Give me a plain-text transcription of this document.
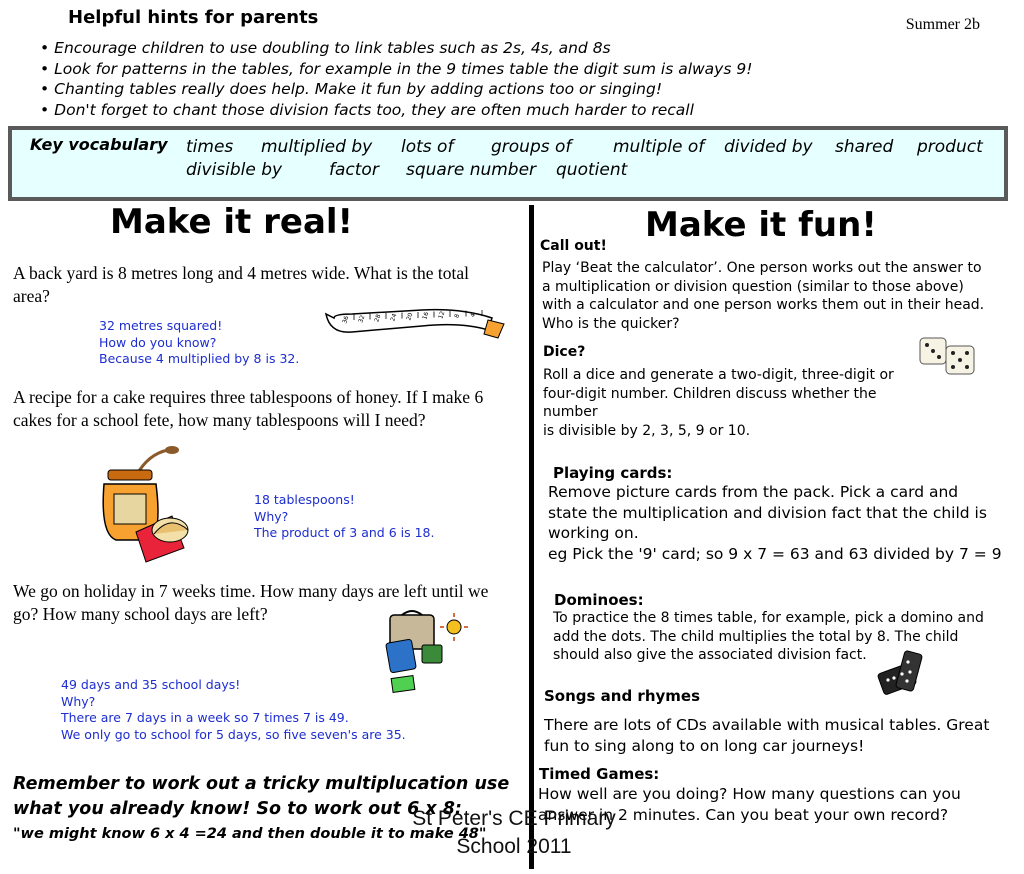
Helpful hints for parents	Summer 2b
• Encourage children to use doubling to link tables such as 2s, 4s, and 8s
• Look for patterns in the tables, for example in the 9 times table the digit sum is always 9!
• Chanting tables really does help. Make it fun by adding actions too or singing!
• Don't forget to chant those division facts too, they are often much harder to recall
Key vocabulary times multiplied by lots of groups of multiple of divided by shared product
divisible by	factor square number quotient
Make it real!
A back yard is 8 metres long and 4 metres wide. What is the total area?
32 metres squared!
How do you know?
Because 4 multiplied by 8 is 32.
36 32 28 24 20 16 12 8 4
A recipe for a cake requires three tablespoons of honey. If I make 6 cakes for a school fete, how many tablespoons will I need?
18 tablespoons!
Why?
The product of 3 and 6 is 18.
We go on holiday in 7 weeks time. How many days are left until we go? How many school days are left?
49 days and 35 school days!
Why?
There are 7 days in a week so 7 times 7 is 49.
We only go to school for 5 days, so five seven's are 35.
Remember to work out a tricky multiplucation use
what you already know! So to work out 6 x 8:
"we might know 6 x 4 =24 and then double it to make 48"
Make it fun!
Call out!
Play ‘Beat the calculator’. One person works out the answer to
a multiplication or division question (similar to those above)
with a calculator and one person works them out in their head.
Who is the quicker?
Dice?
Roll a dice and generate a two-digit, three-digit or
four-digit number. Children discuss whether the
number
is divisible by 2, 3, 5, 9 or 10.
Playing cards:
Remove picture cards from the pack. Pick a card and
state the multiplication and division fact that the child is
working on.
eg Pick the '9' card; so 9 x 7 = 63 and 63 divided by 7 = 9
Dominoes:
To practice the 8 times table, for example, pick a domino and
add the dots. The child multiplies the total by 8. The child
should also give the associated division fact.
Songs and rhymes
There are lots of CDs available with musical tables. Great
fun to sing along to on long car journeys!
Timed Games:
How well are you doing? How many questions can you
answer in 2 minutes. Can you beat your own record?
St Peter's CE Primary
School 2011
